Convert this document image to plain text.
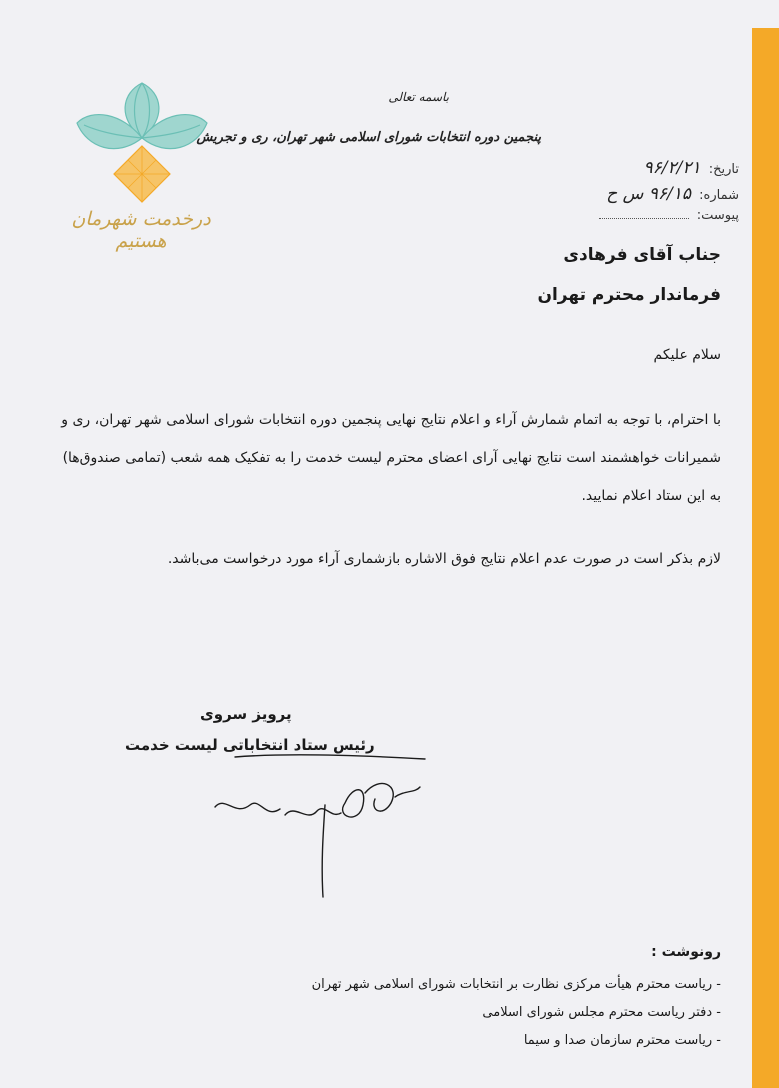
درخدمت شهرمان هستیم
باسمه تعالی
پنجمین دوره انتخابات شورای اسلامی شهر تهران، ری و تجریش
تاریخ: ۹۶/۲/۲۱
شماره: ۹۶/۱۵ س ح
پیوست:
جناب آقای فرهادی
فرماندار محترم تهران
سلام علیکم
با احترام، با توجه به اتمام شمارش آراء و اعلام نتایج نهایی پنجمین دوره انتخابات شورای اسلامی شهر تهران، ری و شمیرانات خواهشمند است نتایج نهایی آرای اعضای محترم لیست خدمت را به تفکیک همه شعب (تمامی صندوق‌ها) به این ستاد اعلام نمایید.
لازم بذکر است در صورت عدم اعلام نتایج فوق الاشاره بازشماری آراء مورد درخواست می‌باشد.
پرویز سروی
رئیس ستاد انتخاباتی لیست خدمت
رونوشت :
- ریاست محترم هیأت مرکزی نظارت بر انتخابات شورای اسلامی شهر تهران
- دفتر ریاست محترم مجلس شورای اسلامی
- ریاست محترم سازمان صدا و سیما
